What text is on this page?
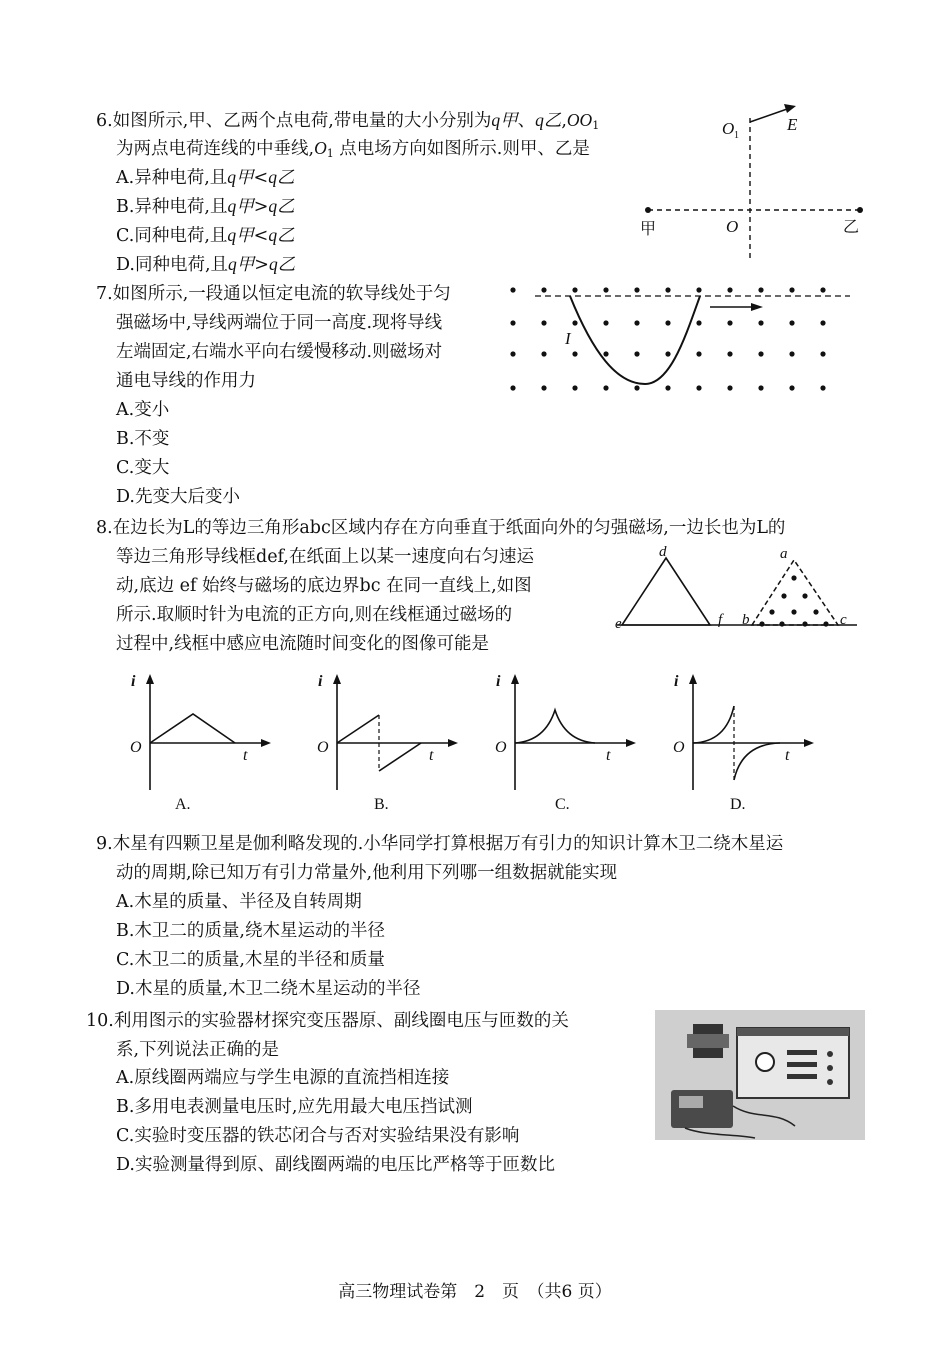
6.如图所示,甲、乙两个点电荷,带电量的大小分别为q甲、q乙$,OO_1$
为两点电荷连线的中垂线$,O_1$ 点电场方向如图所示.则甲、乙是
A.异种电荷,且q甲<q乙
B.异种电荷,且q甲>q乙
C.同种电荷,且q甲<q乙
D.同种电荷,且q甲>q乙
O 1
E
O
甲	乙
7.如图所示,一段通以恒定电流的软导线处于匀
强磁场中,导线两端位于同一高度.现将导线
左端固定,右端水平向右缓慢移动.则磁场对
通电导线的作用力
A.变小
B.不变
C.变大
D.先变大后变小
I
8.在边长为L的等边三角形abc区域内存在方向垂直于纸面向外的匀强磁场,一边长也为L的
等边三角形导线框def,在纸面上以某一速度向右匀速运
动,底边 ef 始终与磁场的底边界bc 在同一直线上,如图
所示.取顺时针为电流的正方向,则在线框通过磁场的
过程中,线框中感应电流随时间变化的图像可能是
d
e	f
a
b	c
i
O	t
A.
i
O	t
B.
i
O	t
C.
i
O	t
D.
9.木星有四颗卫星是伽利略发现的.小华同学打算根据万有引力的知识计算木卫二绕木星运
动的周期,除已知万有引力常量外,他利用下列哪一组数据就能实现
A.木星的质量、半径及自转周期
B.木卫二的质量,绕木星运动的半径
C.木卫二的质量,木星的半径和质量
D.木星的质量,木卫二绕木星运动的半径
10.利用图示的实验器材探究变压器原、副线圈电压与匝数的关
系,下列说法正确的是
A.原线圈两端应与学生电源的直流挡相连接
B.多用电表测量电压时,应先用最大电压挡试测
C.实验时变压器的铁芯闭合与否对实验结果没有影响
D.实验测量得到原、副线圈两端的电压比严格等于匝数比
高三物理试卷第　2　页　（共6 页）
